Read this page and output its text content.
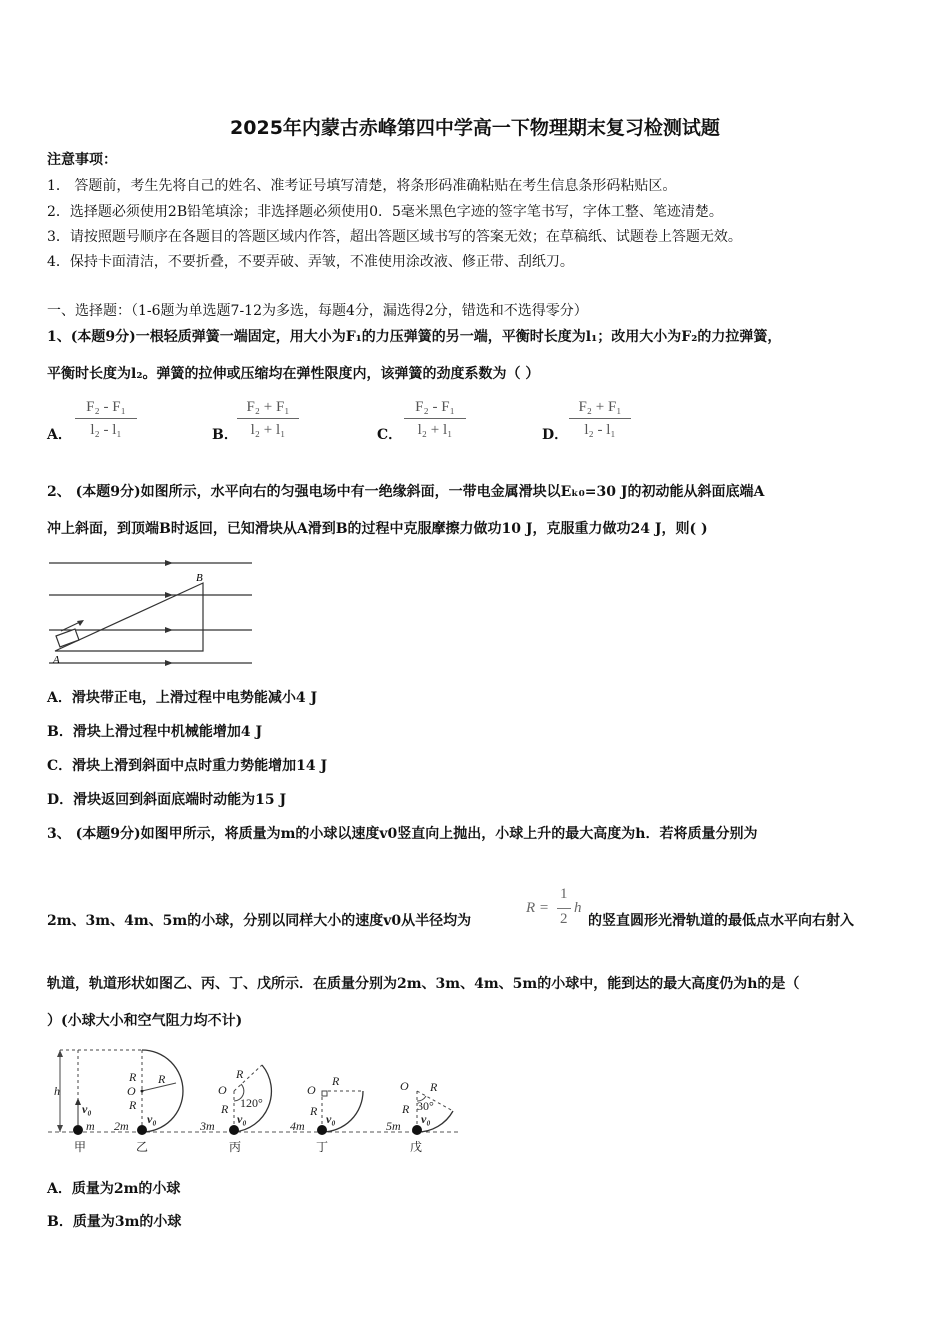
2025年内蒙古赤峰第四中学高一下物理期末复习检测试题
注意事项：
1． 答题前，考生先将自己的姓名、准考证号填写清楚，将条形码准确粘贴在考生信息条形码粘贴区。
2．选择题必须使用2B铅笔填涂；非选择题必须使用0．5毫米黑色字迹的签字笔书写，字体工整、笔迹清楚。
3．请按照题号顺序在各题目的答题区域内作答，超出答题区域书写的答案无效；在草稿纸、试题卷上答题无效。
4．保持卡面清洁，不要折叠，不要弄破、弄皱，不准使用涂改液、修正带、刮纸刀。
一、选择题：（1-6题为单选题7-12为多选，每题4分，漏选得2分，错选和不选得零分）
1、(本题9分)一根轻质弹簧一端固定，用大小为F₁的力压弹簧的另一端，平衡时长度为l₁；改用大小为F₂的力拉弹簧，
平衡时长度为l₂。弹簧的拉伸或压缩均在弹性限度内，该弹簧的劲度系数为（ ）
A．
F₂ - F₁
l₂ - l₁	B．
F₂ + F₁
l₂ + l₁	C．
F₂ - F₁
l₂ + l₁	D．
F₂ + F₁
l₂ - l₁
2、 (本题9分)如图所示，水平向右的匀强电场中有一绝缘斜面，一带电金属滑块以Eₖ₀=30 J的初动能从斜面底端A
冲上斜面，到顶端B时返回，已知滑块从A滑到B的过程中克服摩擦力做功10 J，克服重力做功24 J，则( )
B
A
A．滑块带正电，上滑过程中电势能减小4 J
B．滑块上滑过程中机械能增加4 J
C．滑块上滑到斜面中点时重力势能增加14 J
D．滑块返回到斜面底端时动能为15 J
3、 (本题9分)如图甲所示，将质量为m的小球以速度v0竖直向上抛出，小球上升的最大高度为h．若将质量分别为
2m、3m、4m、5m的小球，分别以同样大小的速度v0从半径均为
R =
1
2
h
的竖直圆形光滑轨道的最低点水平向右射入
轨道，轨道形状如图乙、丙、丁、戊所示．在质量分别为2m、3m、4m、5m的小球中，能到达的最大高度仍为h的是（
）(小球大小和空气阻力均不计)
h
v₀
m
R
R
O
R
2m v₀
O
R
R 120°
3m v₀
O
R
R
4m v₀
O R
R 30°
5m v₀
甲	乙	丙	丁	戊
A．质量为2m的小球
B．质量为3m的小球
